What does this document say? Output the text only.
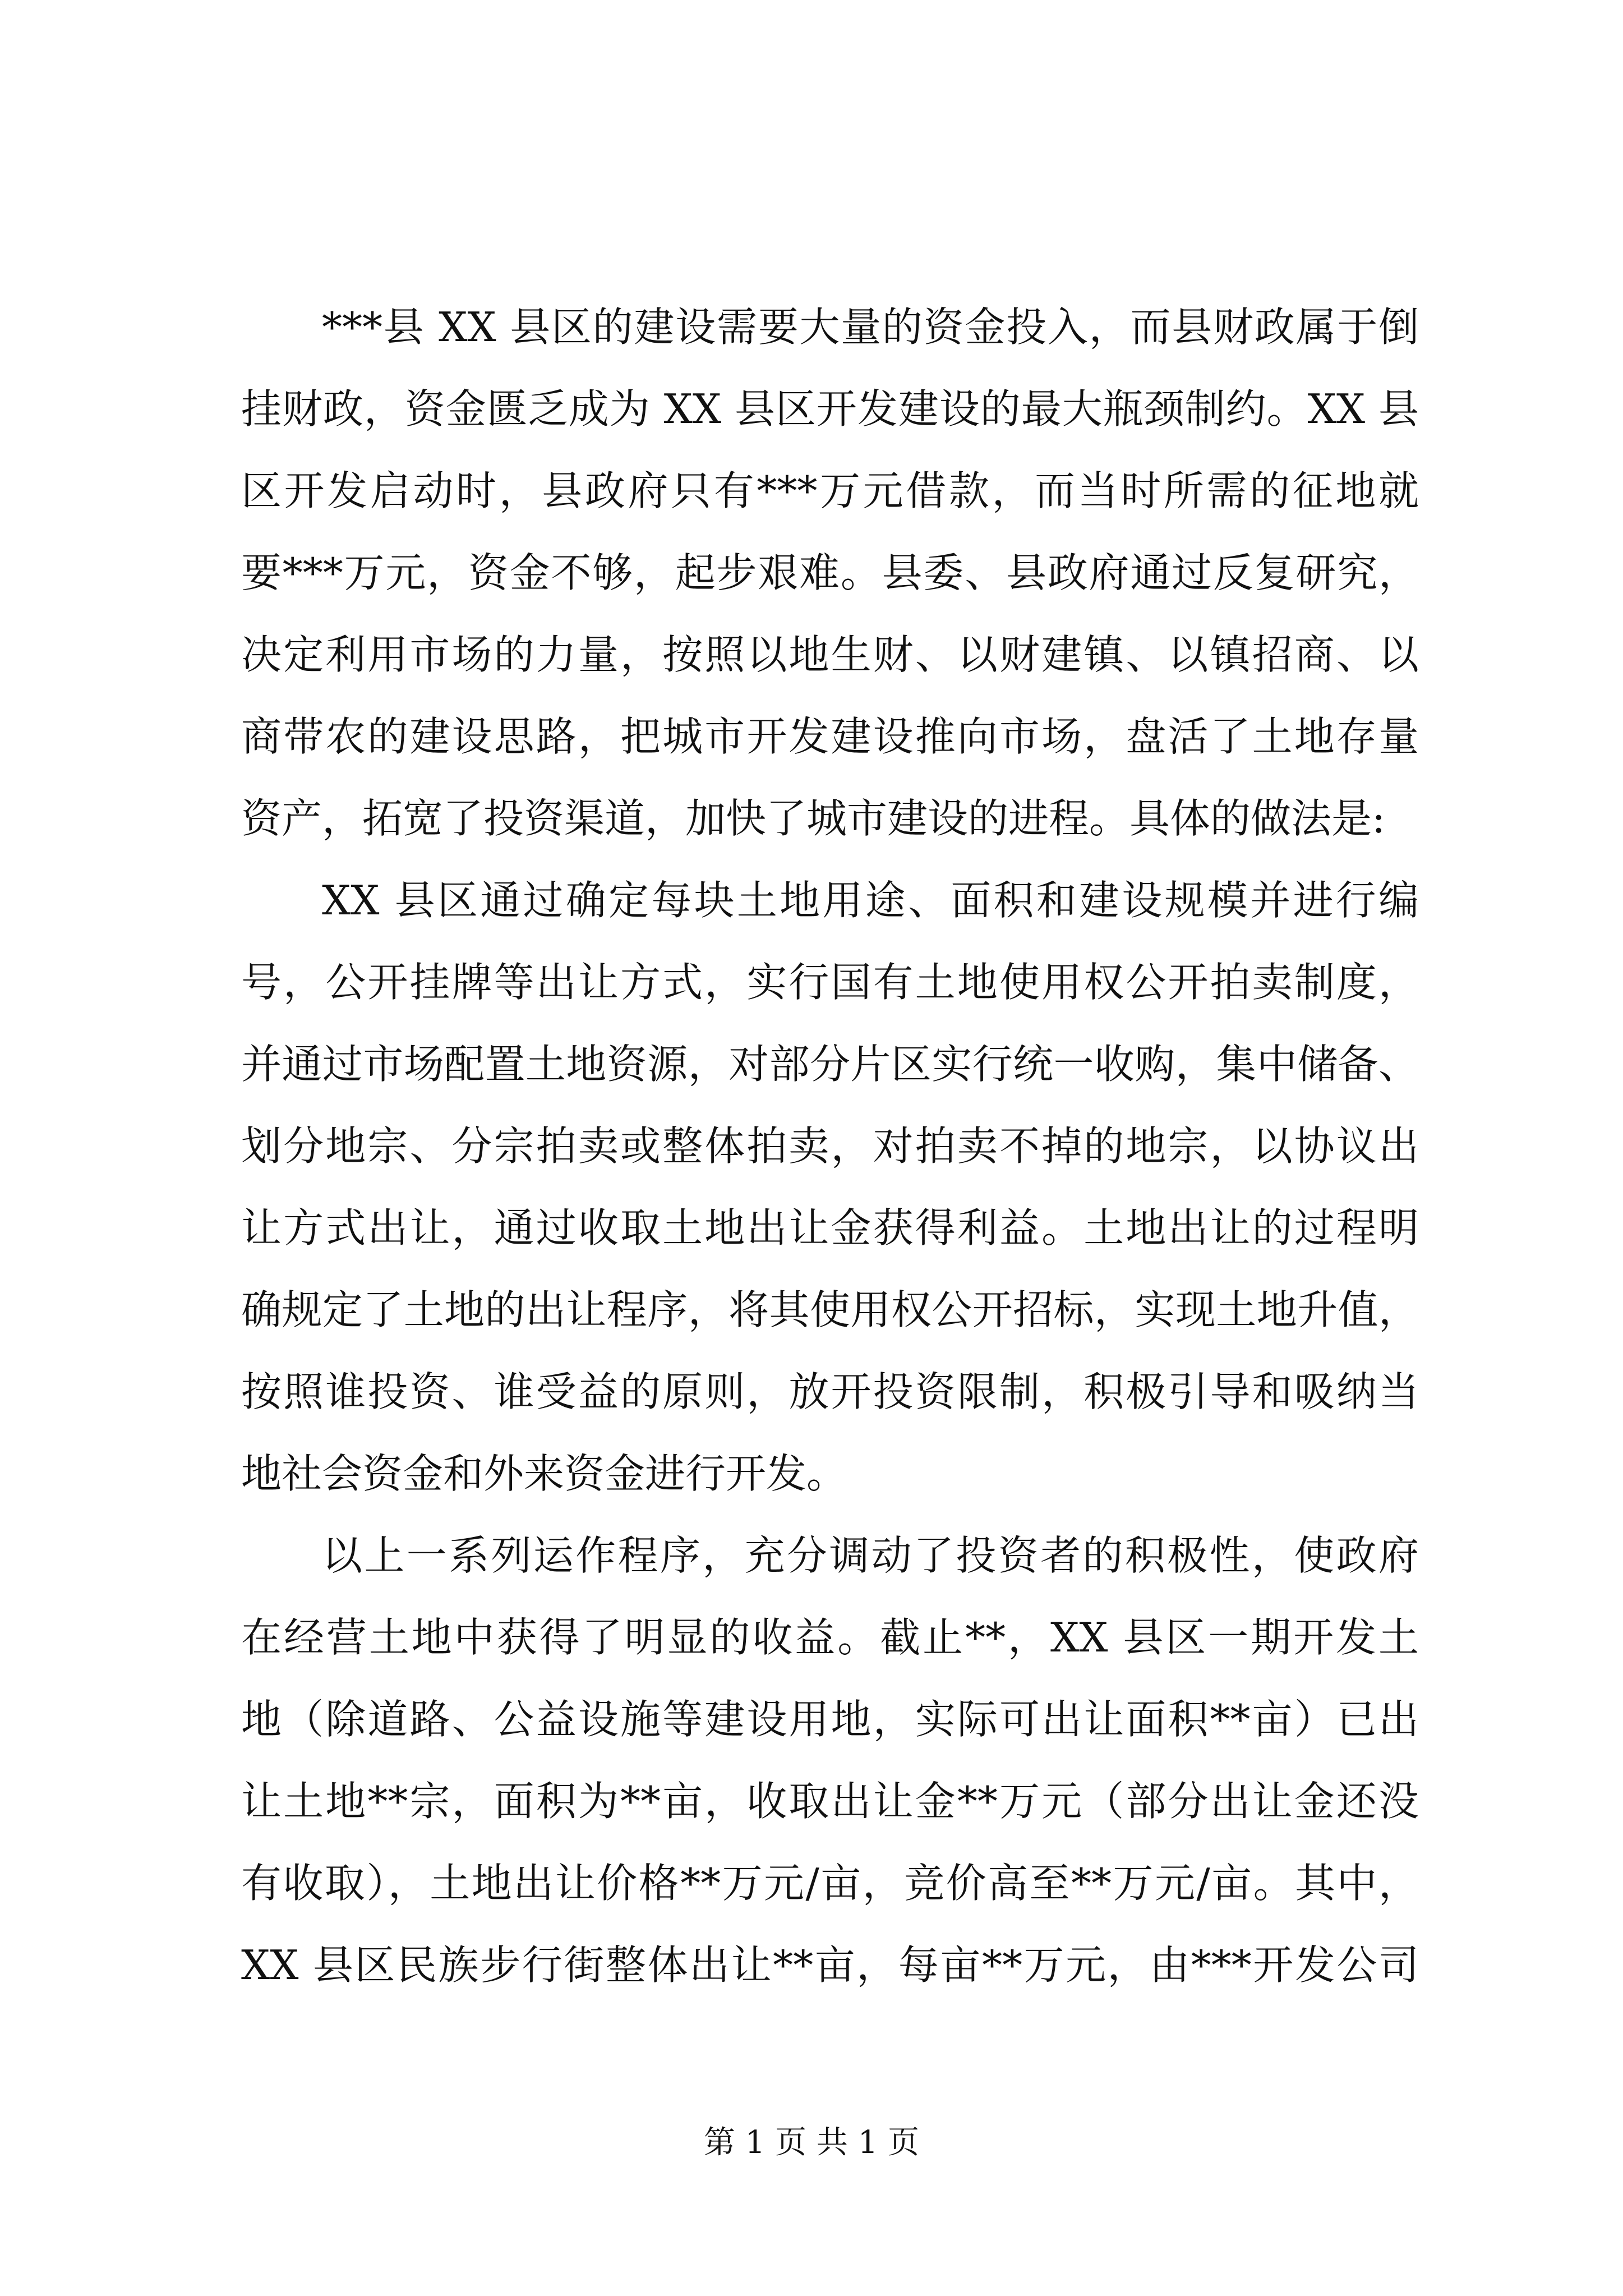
***县 XX 县区的建设需要大量的资金投入，而县财政属于倒
挂财政，资金匮乏成为 XX 县区开发建设的最大瓶颈制约。XX 县
区开发启动时，县政府只有***万元借款，而当时所需的征地就
要***万元，资金不够，起步艰难。县委、县政府通过反复研究，
决定利用市场的力量，按照以地生财、以财建镇、以镇招商、以
商带农的建设思路，把城市开发建设推向市场，盘活了土地存量
资产，拓宽了投资渠道，加快了城市建设的进程。具体的做法是:
XX 县区通过确定每块土地用途、面积和建设规模并进行编
号，公开挂牌等出让方式，实行国有土地使用权公开拍卖制度，
并通过市场配置土地资源，对部分片区实行统一收购，集中储备、
划分地宗、分宗拍卖或整体拍卖，对拍卖不掉的地宗，以协议出
让方式出让，通过收取土地出让金获得利益。土地出让的过程明
确规定了土地的出让程序，将其使用权公开招标，实现土地升值，
按照谁投资、谁受益的原则，放开投资限制，积极引导和吸纳当
地社会资金和外来资金进行开发。
以上一系列运作程序，充分调动了投资者的积极性，使政府
在经营土地中获得了明显的收益。截止**，XX 县区一期开发土
地（除道路、公益设施等建设用地，实际可出让面积**亩）已出
让土地**宗，面积为**亩，收取出让金**万元（部分出让金还没
有收取），土地出让价格**万元/亩，竞价高至**万元/亩。其中，
XX 县区民族步行街整体出让**亩，每亩**万元，由***开发公司
第 1 页 共 1 页
